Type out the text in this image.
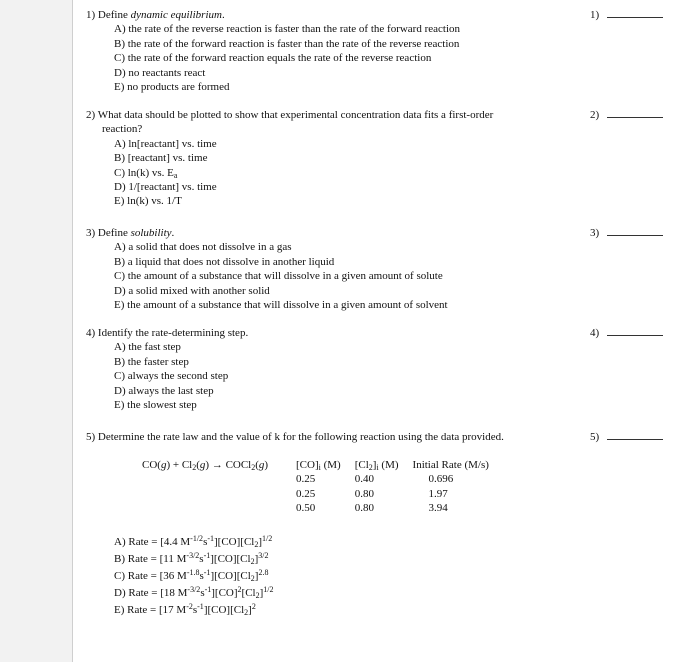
1) Define dynamic equilibrium.
A) the rate of the reverse reaction is faster than the rate of the forward reaction
B) the rate of the forward reaction is faster than the rate of the reverse reaction
C) the rate of the forward reaction equals the rate of the reverse reaction
D) no reactants react
E) no products are formed
1)
2) What data should be plotted to show that experimental concentration data fits a first-order
reaction?
A) ln[reactant] vs. time
B) [reactant] vs. time
C) ln(k) vs. $E_a$
D) 1/[reactant] vs. time
E) ln(k) vs. 1/T
2)
3) Define solubility.
A) a solid that does not dissolve in a gas
B) a liquid that does not dissolve in another liquid
C) the amount of a substance that will dissolve in a given amount of solute
D) a solid mixed with another solid
E) the amount of a substance that will dissolve in a given amount of solvent
3)
4) Identify the rate-determining step.
A) the fast step
B) the faster step
C) always the second step
D) always the last step
E) the slowest step
4)
5) Determine the rate law and the value of k for the following reaction using the data provided.	5)
$CO(g) + Cl_2(g)$ → COCl$_2$(g)	$[CO]_i$ (M)	$[Cl_2]_i$ (M)	Initial Rate (M/s)
0.25	0.40	0.696
0.25	0.80	1.97
0.50	0.80	3.94
A) Rate = [4.4 $M^{-1/2}s^{-1}][CO][Cl_2]^{1/2}$
B) Rate = [11 $M^{-3/2}s^{-1}][CO][Cl_2]^{3/2}$
C) Rate = [36 $M^{-1.8}s^{-1}][CO][Cl_2]^{2.8}$
D) Rate = [18 $M^{-3/2}s^{-1}][CO]^2[Cl_2]^{1/2}$
E) Rate = [17 $M^{-2}s^{-1}][CO][Cl_2]^2$
